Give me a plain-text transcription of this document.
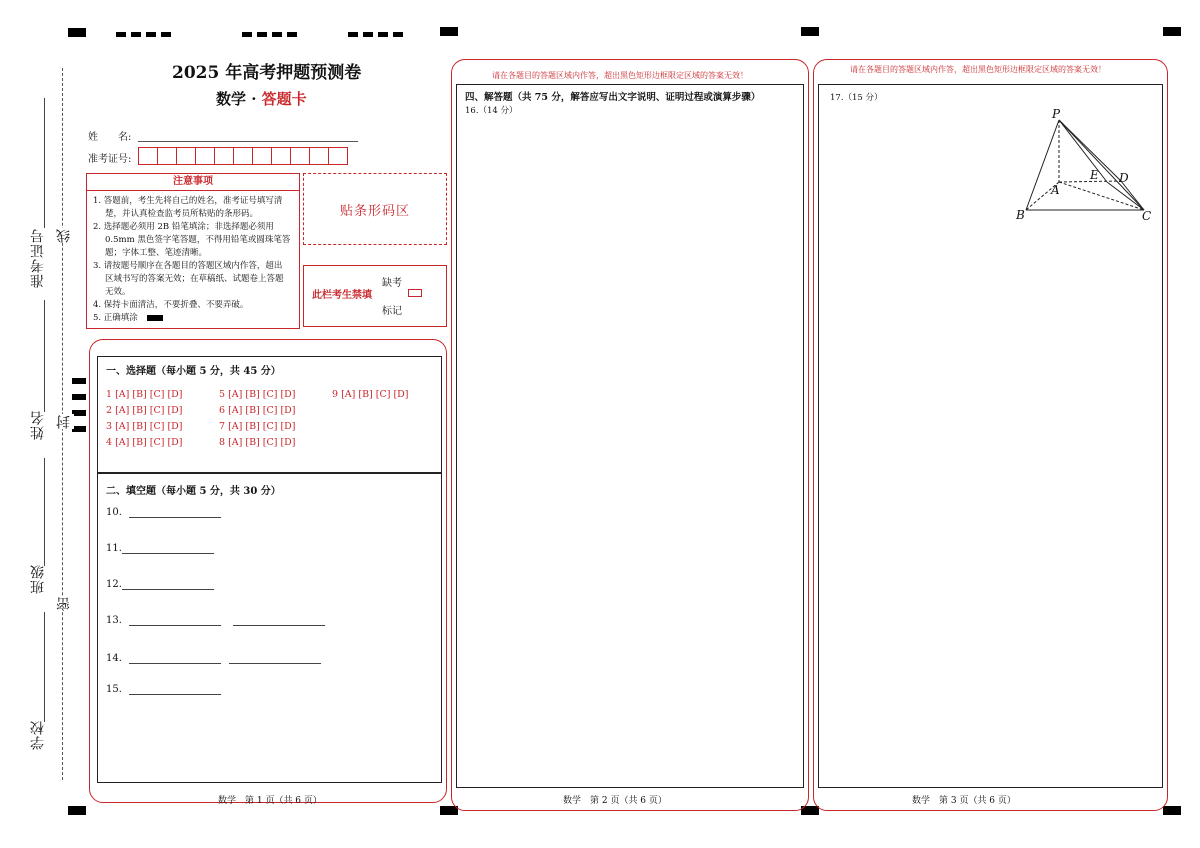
准考证号
姓名
班级
学校
线
封
密
2025 年高考押题预测卷
数学 · 答题卡
姓　　名:
准考证号:
注意事项
1. 答题前，考生先将自己的姓名，准考证号填写清
楚，并认真检查监考员所粘贴的条形码。
2. 选择题必须用 2B 铅笔填涂；非选择题必须用
0.5mm 黑色签字笔答题，不得用铅笔或圆珠笔答
题；字体工整、笔迹清晰。
3. 请按题号顺序在各题目的答题区域内作答，超出
区域书写的答案无效；在草稿纸、试题卷上答题
无效。
4. 保持卡面清洁，不要折叠、不要弄破。
5. 正确填涂
贴条形码区
此栏考生禁填
缺考
标记
一、选择题（每小题 5 分，共 45 分）
1 [A] [B] [C] [D]
2 [A] [B] [C] [D]
3 [A] [B] [C] [D]
4 [A] [B] [C] [D]
5 [A] [B] [C] [D]
6 [A] [B] [C] [D]
7 [A] [B] [C] [D]
8 [A] [B] [C] [D]
9 [A] [B] [C] [D]
二、填空题（每小题 5 分，共 30 分）
10.
11.
12.
13.
14.
15.
数学　第 1 页（共 6 页）
请在各题目的答题区域内作答，超出黑色矩形边框限定区域的答案无效！
四、解答题（共 75 分，解答应写出文字说明、证明过程或演算步骤）
16.（14 分）
数学　第 2 页（共 6 页）
请在各题目的答题区域内作答，超出黑色矩形边框限定区域的答案无效！
17.（15 分）
P
A
B	C
D
E
数学　第 3 页（共 6 页）
